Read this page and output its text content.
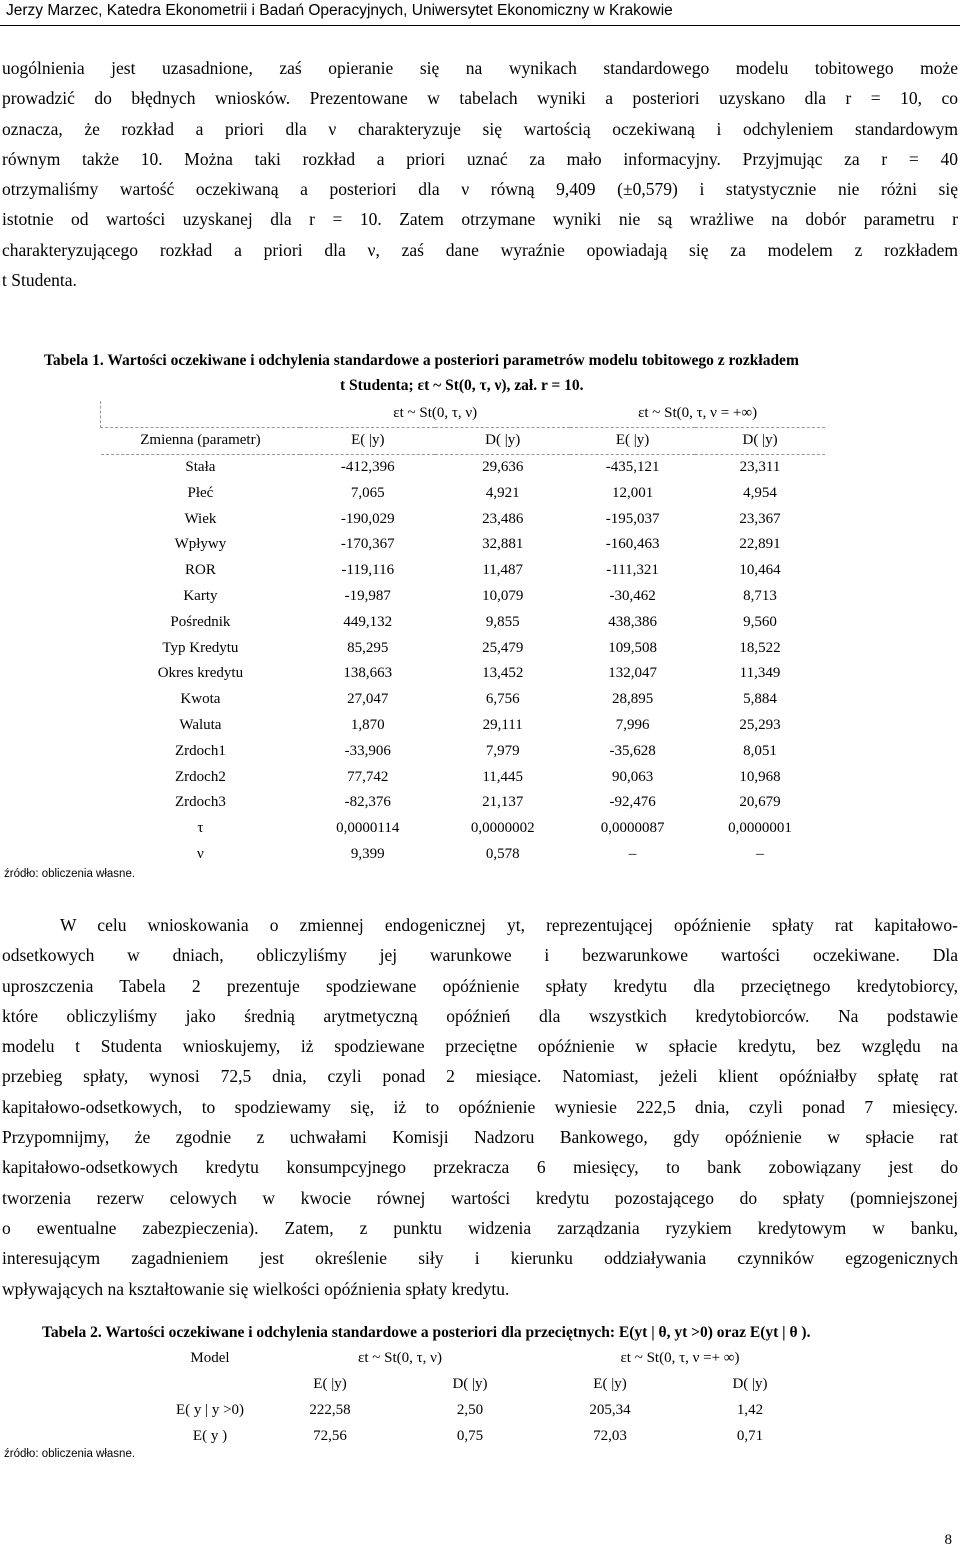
Jerzy Marzec, Katedra Ekonometrii i Badań Operacyjnych, Uniwersytet Ekonomiczny w Krakowie
uogólnienia jest uzasadnione, zaś opieranie się na wynikach standardowego modelu tobitowego może
prowadzić do błędnych wniosków. Prezentowane w tabelach wyniki a posteriori uzyskano dla r = 10, co
oznacza, że rozkład a priori dla ν charakteryzuje się wartością oczekiwaną i odchyleniem standardowym
równym także 10. Można taki rozkład a priori uznać za mało informacyjny. Przyjmując za r = 40
otrzymaliśmy wartość oczekiwaną a posteriori dla ν równą 9,409 (±0,579) i statystycznie nie różni się
istotnie od wartości uzyskanej dla r = 10. Zatem otrzymane wyniki nie są wrażliwe na dobór parametru r
charakteryzującego rozkład a priori dla ν, zaś dane wyraźnie opowiadają się za modelem z rozkładem
t Studenta.
Tabela 1. Wartości oczekiwane i odchylenia standardowe a posteriori parametrów modelu tobitowego z rozkładem
t Studenta; εt ~ St(0, τ, ν), zał. r = 10.
	εt ~ St(0, τ, ν)		εt ~ St(0, τ, ν = +∞)	
Zmienna (parametr)	E( |y)	D( |y)	E( |y)	D( |y)
Stała	-412,396	29,636	-435,121	23,311
Płeć	7,065	4,921	12,001	4,954
Wiek	-190,029	23,486	-195,037	23,367
Wpływy	-170,367	32,881	-160,463	22,891
ROR	-119,116	11,487	-111,321	10,464
Karty	-19,987	10,079	-30,462	8,713
Pośrednik	449,132	9,855	438,386	9,560
Typ Kredytu	85,295	25,479	109,508	18,522
Okres kredytu	138,663	13,452	132,047	11,349
Kwota	27,047	6,756	28,895	5,884
Waluta	1,870	29,111	7,996	25,293
Zrdoch1	-33,906	7,979	-35,628	8,051
Zrdoch2	77,742	11,445	90,063	10,968
Zrdoch3	-82,376	21,137	-92,476	20,679
τ	0,0000114	0,0000002	0,0000087	0,0000001
ν	9,399	0,578	–	–
źródło: obliczenia własne.
W celu wnioskowania o zmiennej endogenicznej yt, reprezentującej opóźnienie spłaty rat kapitałowo-
odsetkowych w dniach, obliczyliśmy jej warunkowe i bezwarunkowe wartości oczekiwane. Dla
uproszczenia Tabela 2 prezentuje spodziewane opóźnienie spłaty kredytu dla przeciętnego kredytobiorcy,
które obliczyliśmy jako średnią arytmetyczną opóźnień dla wszystkich kredytobiorców. Na podstawie
modelu t Studenta wnioskujemy, iż spodziewane przeciętne opóźnienie w spłacie kredytu, bez względu na
przebieg spłaty, wynosi 72,5 dnia, czyli ponad 2 miesiące. Natomiast, jeżeli klient opóźniałby spłatę rat
kapitałowo-odsetkowych, to spodziewamy się, iż to opóźnienie wyniesie 222,5 dnia, czyli ponad 7 miesięcy.
Przypomnijmy, że zgodnie z uchwałami Komisji Nadzoru Bankowego, gdy opóźnienie w spłacie rat
kapitałowo-odsetkowych kredytu konsumpcyjnego przekracza 6 miesięcy, to bank zobowiązany jest do
tworzenia rezerw celowych w kwocie równej wartości kredytu pozostającego do spłaty (pomniejszonej
o ewentualne zabezpieczenia). Zatem, z punktu widzenia zarządzania ryzykiem kredytowym w banku,
interesującym zagadnieniem jest określenie siły i kierunku oddziaływania czynników egzogenicznych
wpływających na kształtowanie się wielkości opóźnienia spłaty kredytu.
Tabela 2. Wartości oczekiwane i odchylenia standardowe a posteriori dla przeciętnych: E(yt | θ, yt >0) oraz E(yt | θ ).
Model	εt ~ St(0, τ, ν)		εt ~ St(0, τ, ν =+ ∞)	
	E( |y)	D( |y)	E( |y)	D( |y)
E( y | y >0)	222,58	2,50	205,34	1,42
E( y )	72,56	0,75	72,03	0,71
źródło: obliczenia własne.
8
